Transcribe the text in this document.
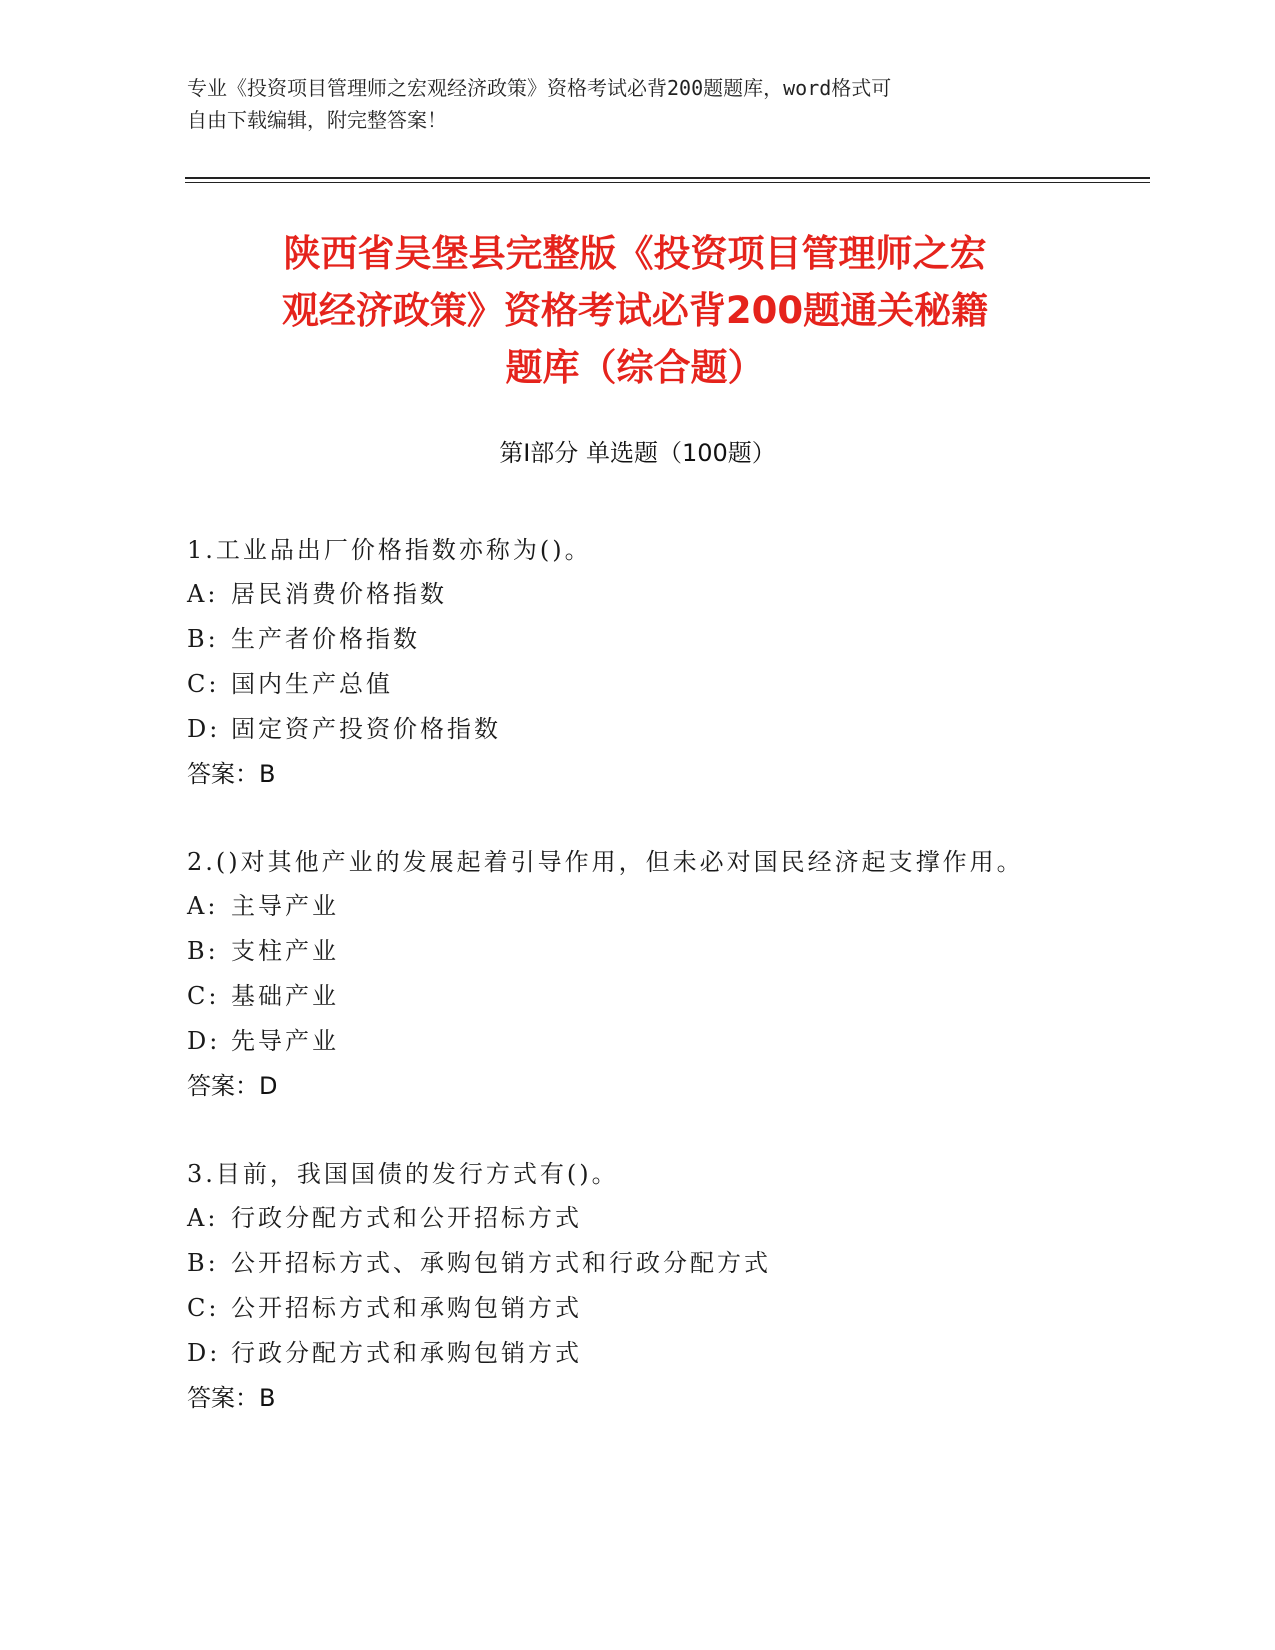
专业《投资项目管理师之宏观经济政策》资格考试必背200题题库，word格式可
自由下载编辑，附完整答案！
陕西省吴堡县完整版《投资项目管理师之宏
观经济政策》资格考试必背200题通关秘籍
题库（综合题）
第Ⅰ部分 单选题（100题）

1.工业品出厂价格指数亦称为()。

A: 居民消费价格指数

B: 生产者价格指数

C: 国内生产总值

D: 固定资产投资价格指数

答案：B

2.()对其他产业的发展起着引导作用，但未必对国民经济起支撑作用。

A: 主导产业

B: 支柱产业

C: 基础产业

D: 先导产业

答案：D

3.目前，我国国债的发行方式有()。

A: 行政分配方式和公开招标方式

B: 公开招标方式、承购包销方式和行政分配方式

C: 公开招标方式和承购包销方式

D: 行政分配方式和承购包销方式

答案：B
